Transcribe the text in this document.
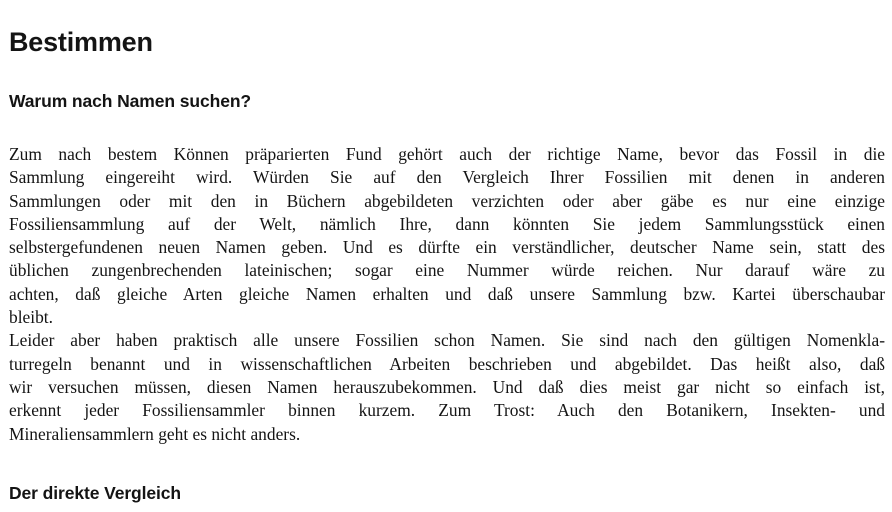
Bestimmen
Warum nach Namen suchen?
Zum nach bestem Können präparierten Fund gehört auch der richtige Name, bevor das Fossil in die
Sammlung eingereiht wird. Würden Sie auf den Vergleich Ihrer Fossilien mit denen in anderen
Sammlungen oder mit den in Büchern abgebildeten verzichten oder aber gäbe es nur eine einzige
Fossiliensammlung auf der Welt, nämlich Ihre, dann könnten Sie jedem Sammlungsstück einen
selbstergefundenen neuen Namen geben. Und es dürfte ein verständlicher, deutscher Name sein, statt des
üblichen zungenbrechenden lateinischen; sogar eine Nummer würde reichen. Nur darauf wäre zu
achten, daß gleiche Arten gleiche Namen erhalten und daß unsere Sammlung bzw. Kartei überschaubar
bleibt.
Leider aber haben praktisch alle unsere Fossilien schon Namen. Sie sind nach den gültigen Nomenkla-
turregeln benannt und in wissenschaftlichen Arbeiten beschrieben und abgebildet. Das heißt also, daß
wir versuchen müssen, diesen Namen herauszubekommen. Und daß dies meist gar nicht so einfach ist,
erkennt jeder Fossiliensammler binnen kurzem. Zum Trost: Auch den Botanikern, Insekten- und
Mineraliensammlern geht es nicht anders.
Der direkte Vergleich
